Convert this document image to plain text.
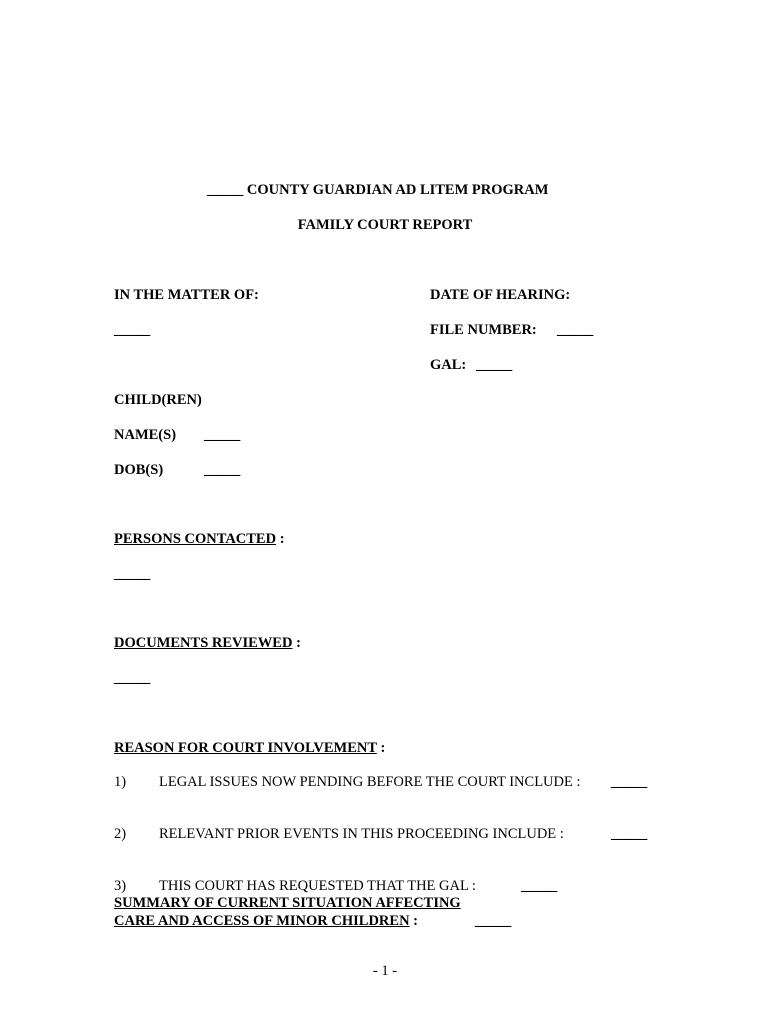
_____ COUNTY GUARDIAN AD LITEM PROGRAM
FAMILY COURT REPORT
IN THE MATTER OF:	DATE OF HEARING:
_____	FILE NUMBER: _____
GAL: _____
CHILD(REN)
NAME(S) _____
DOB(S)	_____
PERSONS CONTACTED :
_____
DOCUMENTS REVIEWED :
_____
REASON FOR COURT INVOLVEMENT :
1) LEGAL ISSUES NOW PENDING BEFORE THE COURT INCLUDE : _____
2) RELEVANT PRIOR EVENTS IN THIS PROCEEDING INCLUDE :	_____
3) THIS COURT HAS REQUESTED THAT THE GAL :	_____
SUMMARY OF CURRENT SITUATION AFFECTING
CARE AND ACCESS OF MINOR CHILDREN :	_____
- 1 -
